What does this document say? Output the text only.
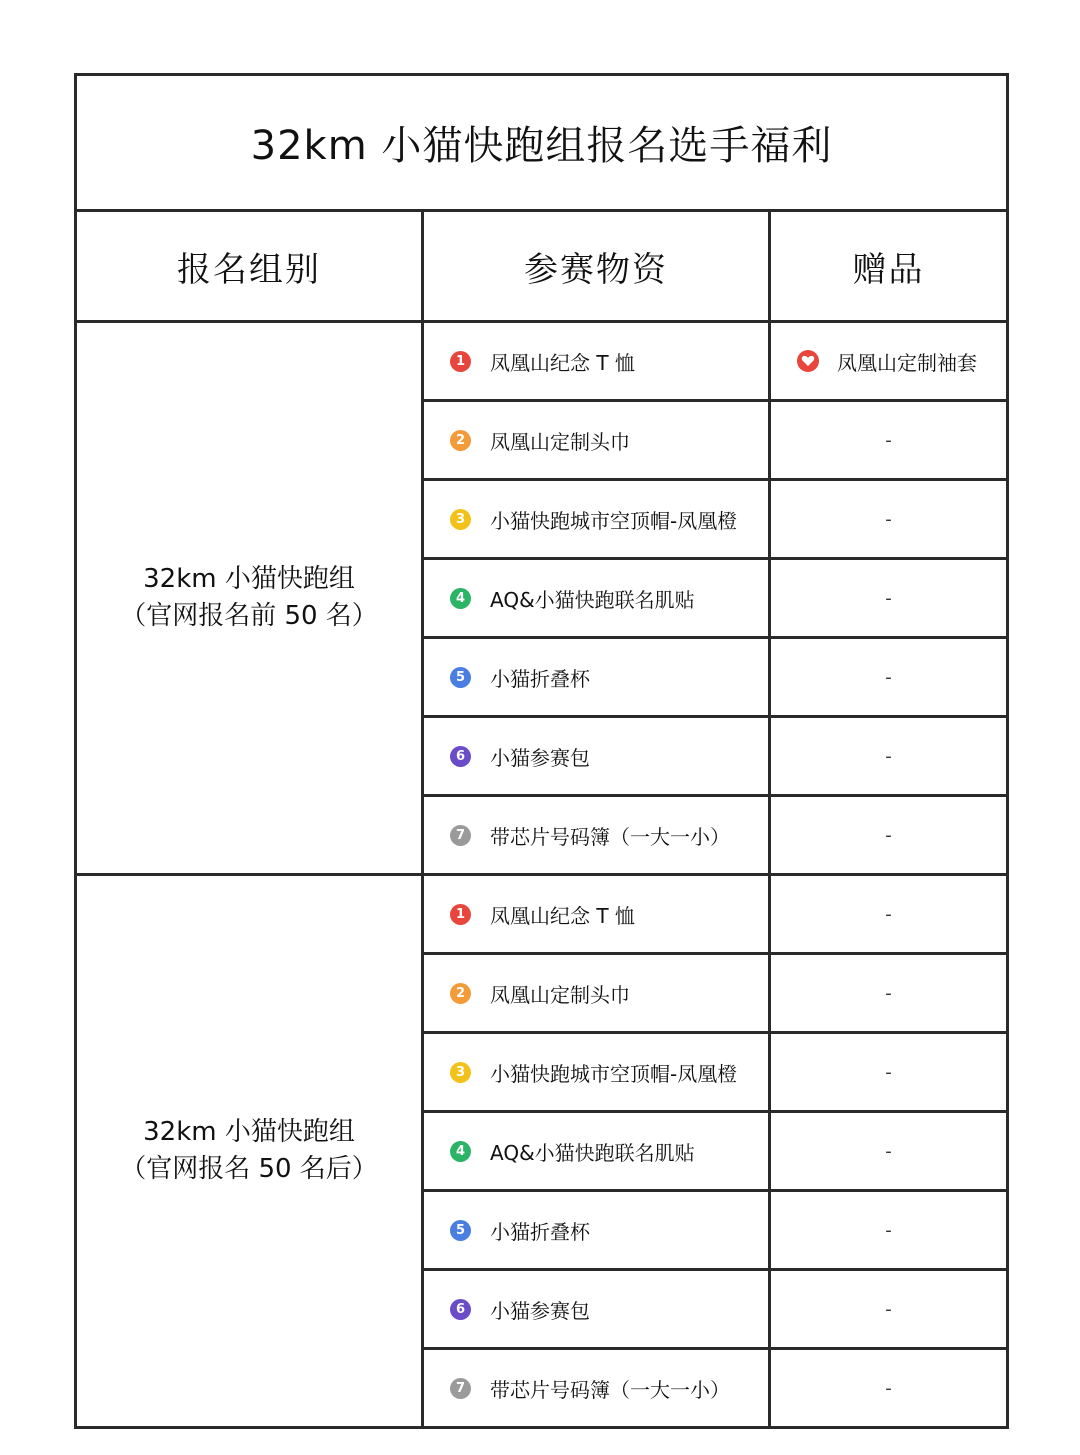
32km 小猫快跑组报名选手福利		
报名组别	参赛物资	赠品

32km 小猫快跑组
（官网报名前 50 名）	1 凤凰山纪念 T 恤	凤凰山定制袖套

2 凤凰山定制头巾	-

3 小猫快跑城市空顶帽-凤凰橙	-

4 AQ&小猫快跑联名肌贴	-

5 小猫折叠杯	-

6 小猫参赛包	-

7 带芯片号码簿（一大一小）	-

32km 小猫快跑组
（官网报名 50 名后）	1 凤凰山纪念 T 恤	-

2 凤凰山定制头巾	-

3 小猫快跑城市空顶帽-凤凰橙	-

4 AQ&小猫快跑联名肌贴	-

5 小猫折叠杯	-

6 小猫参赛包	-

7 带芯片号码簿（一大一小）	-
